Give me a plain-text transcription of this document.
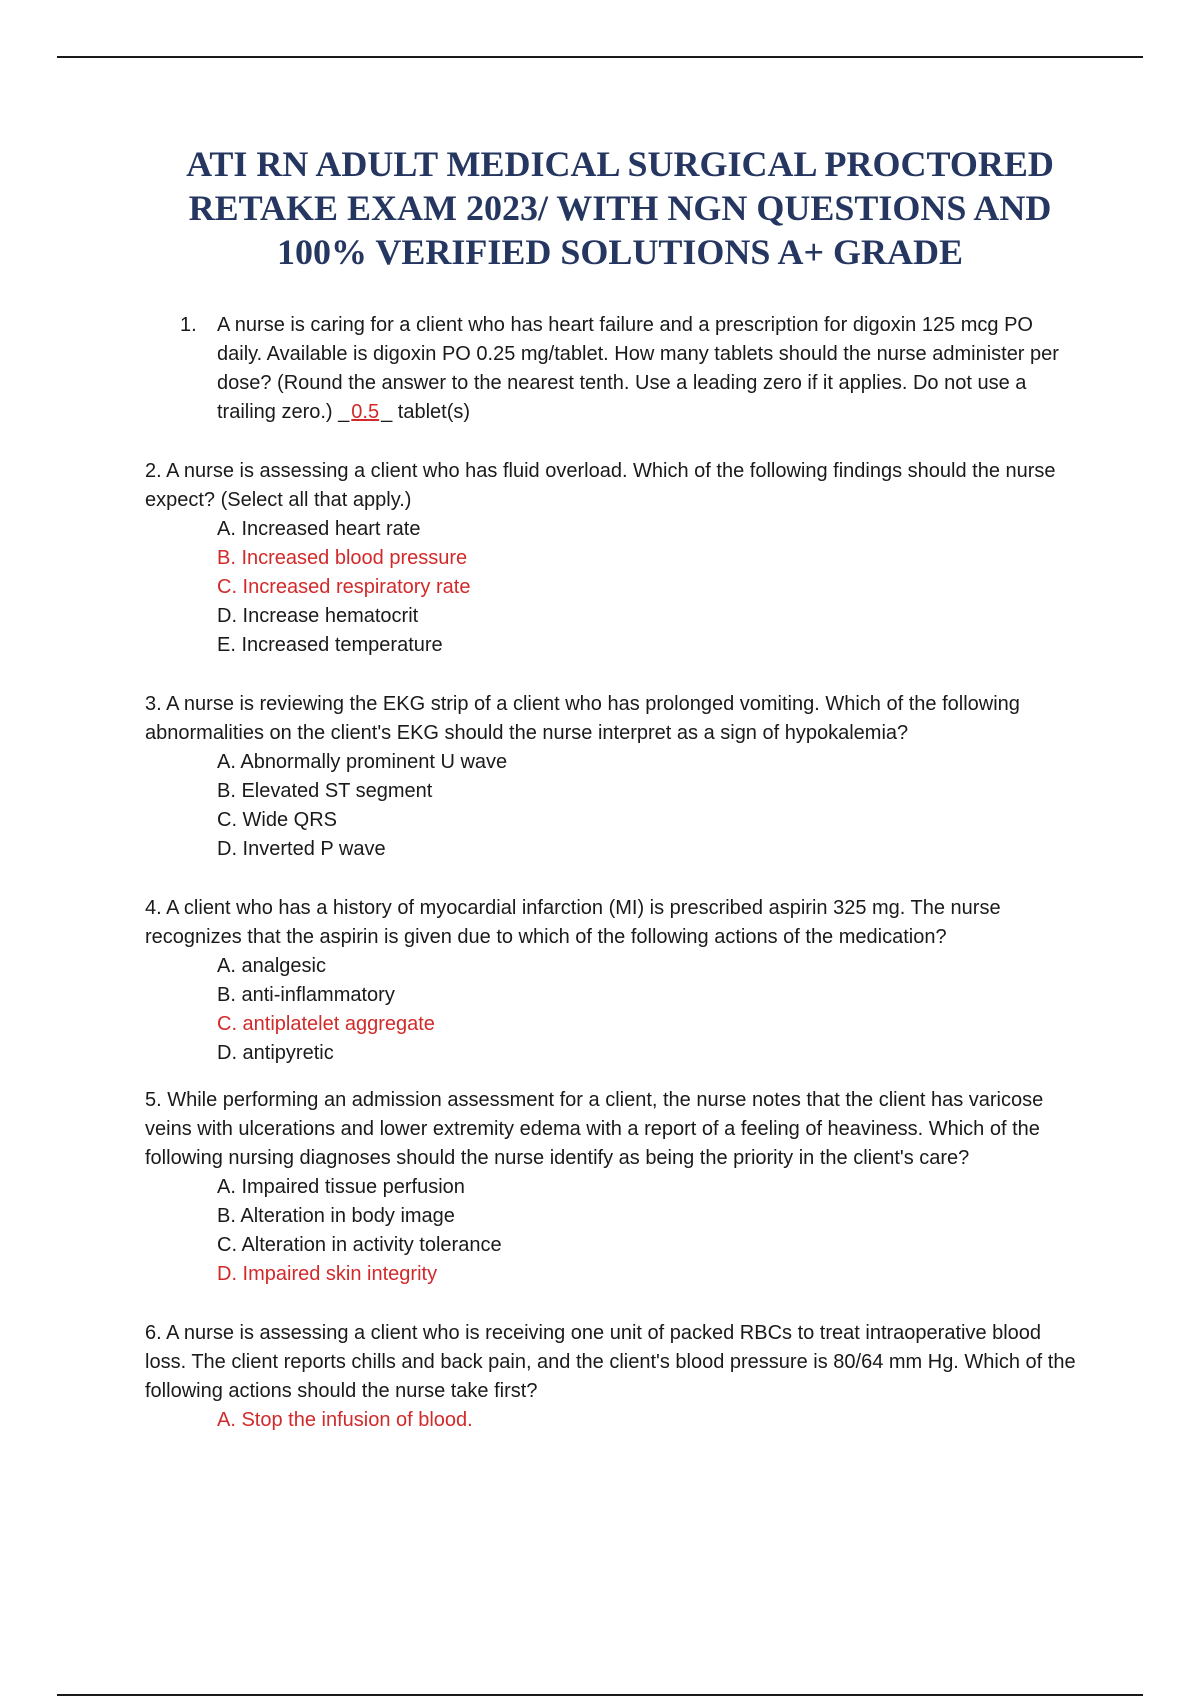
ATI RN ADULT MEDICAL SURGICAL PROCTORED
RETAKE EXAM 2023/ WITH NGN QUESTIONS AND
100% VERIFIED SOLUTIONS A+ GRADE
1.	A nurse is caring for a client who has heart failure and a prescription for digoxin 125 mcg PO daily. Available is digoxin PO 0.25 mg/tablet. How many tablets should the nurse administer per dose? (Round the answer to the nearest tenth. Use a leading zero if it applies. Do not use a trailing zero.) _ 0.5 _ tablet(s)
2. A nurse is assessing a client who has fluid overload. Which of the following findings should the nurse expect? (Select all that apply.)
A. Increased heart rate
B. Increased blood pressure
C. Increased respiratory rate
D. Increase hematocrit
E. Increased temperature
3. A nurse is reviewing the EKG strip of a client who has prolonged vomiting. Which of the following abnormalities on the client's EKG should the nurse interpret as a sign of hypokalemia?
A. Abnormally prominent U wave
B. Elevated ST segment
C. Wide QRS
D. Inverted P wave
4. A client who has a history of myocardial infarction (MI) is prescribed aspirin 325 mg. The nurse recognizes that the aspirin is given due to which of the following actions of the medication?
A. analgesic
B. anti-inflammatory
C. antiplatelet aggregate
D. antipyretic
5. While performing an admission assessment for a client, the nurse notes that the client has varicose veins with ulcerations and lower extremity edema with a report of a feeling of heaviness. Which of the following nursing diagnoses should the nurse identify as being the priority in the client's care?
A. Impaired tissue perfusion
B. Alteration in body image
C. Alteration in activity tolerance
D. Impaired skin integrity
6. A nurse is assessing a client who is receiving one unit of packed RBCs to treat intraoperative blood loss. The client reports chills and back pain, and the client's blood pressure is 80/64 mm Hg. Which of the following actions should the nurse take first?
A. Stop the infusion of blood.
